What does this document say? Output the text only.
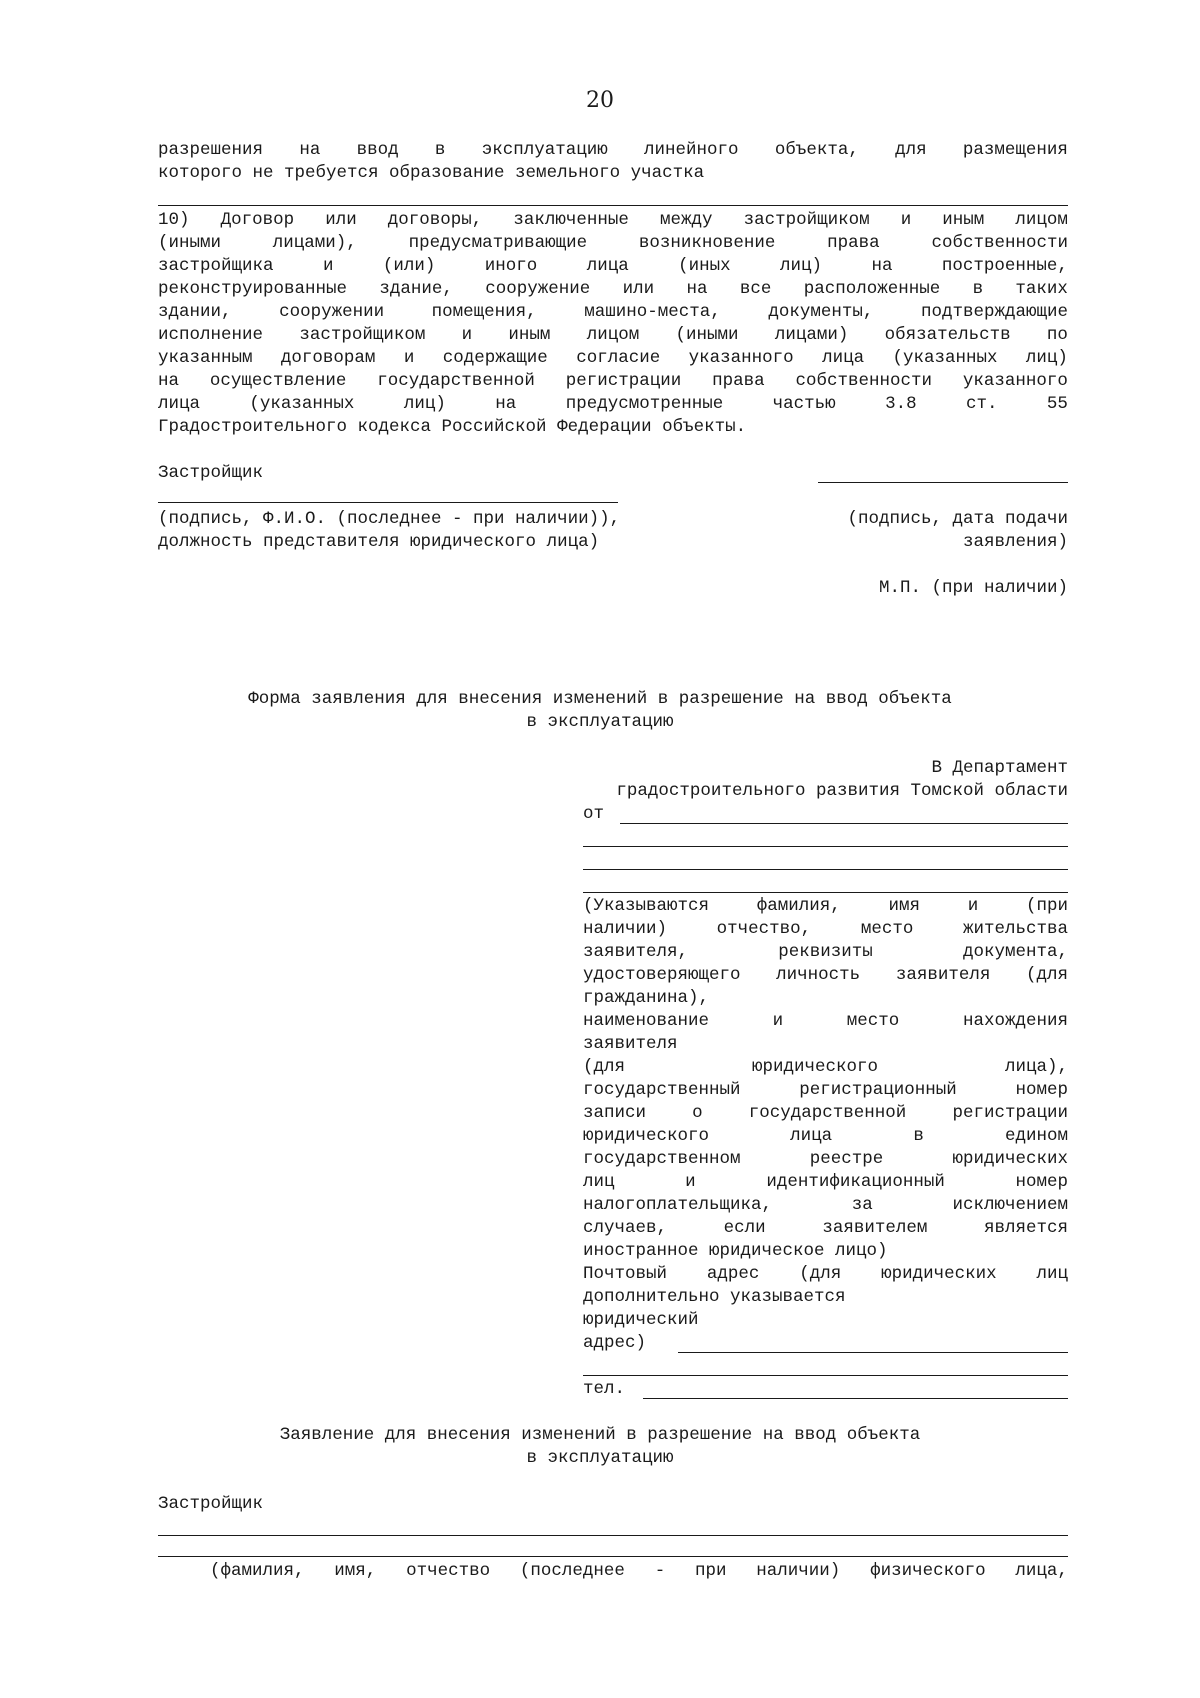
20
разрешения на ввод в эксплуатацию линейного объекта, для размещения
которого не требуется образование земельного участка
10) Договор или договоры, заключенные между застройщиком и иным лицом
(иными	лицами),	предусматривающие	возникновение	права	собственности
застройщика	и	(или)	иного	лица	(иных	лиц)	на	построенные,
реконструированные здание, сооружение или на все расположенные в таких
здании,	сооружении	помещения,	машино-места,	документы,	подтверждающие
исполнение застройщиком и иным лицом (иными лицами) обязательств по
указанным договорам и содержащие согласие указанного лица (указанных лиц)
на осуществление государственной регистрации права собственности указанного
лица	(указанных	лиц)	на	предусмотренные	частью	3.8	ст.	55
Градостроительного кодекса Российской Федерации объекты.
Застройщик
(подпись, Ф.И.О. (последнее - при наличии)),
должность представителя юридического лица)
(подпись, дата подачи
заявления)
М.П. (при наличии)
Форма заявления для внесения изменений в разрешение на ввод объекта
в эксплуатацию
В Департамент
градостроительного развития Томской области
от
(Указываются	фамилия,	имя	и	(при
наличии)	отчество,	место	жительства
заявителя,	реквизиты	документа,
удостоверяющего личность заявителя (для
гражданина),
наименование	и	место	нахождения
заявителя
(для	юридического	лица),
государственный	регистрационный	номер
записи	о	государственной	регистрации
юридического	лица	в	едином
государственном	реестре	юридических
лиц	и	идентификационный	номер
налогоплательщика,	за	исключением
случаев,	если	заявителем	является
иностранное юридическое лицо)
Почтовый адрес (для юридических лиц
дополнительно указывается
юридический
адрес)
тел.
Заявление для внесения изменений в разрешение на ввод объекта
в эксплуатацию
Застройщик
(фамилия, имя, отчество (последнее - при наличии) физического лица,
